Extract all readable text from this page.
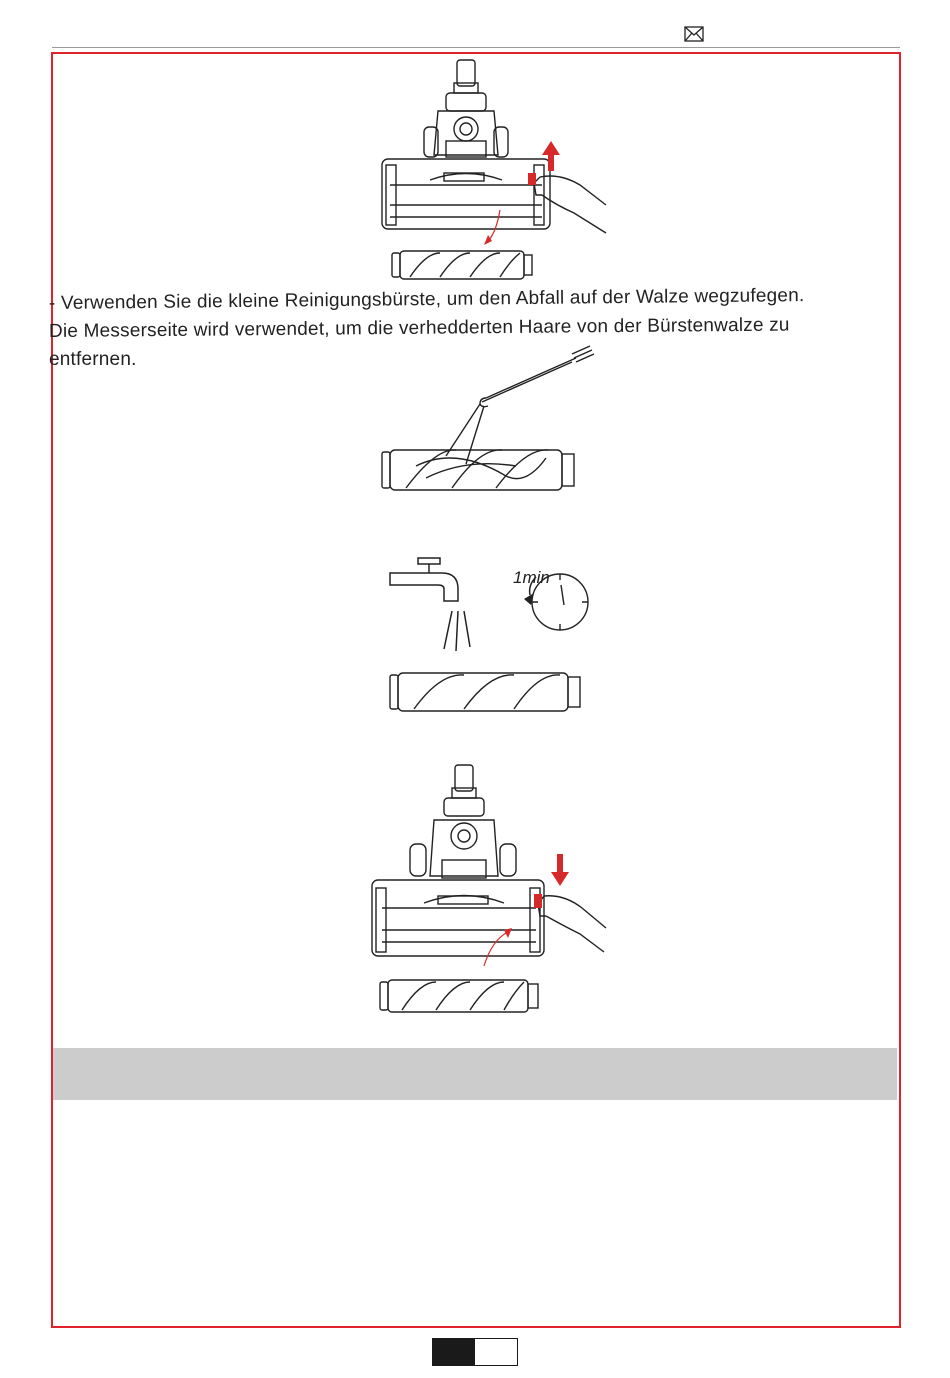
- Verwenden Sie die kleine Reinigungsbürste, um den Abfall auf der Walze wegzufegen.
Die Messerseite wird verwendet, um die verhedderten Haare von der Bürstenwalze zu
entfernen.
1min
